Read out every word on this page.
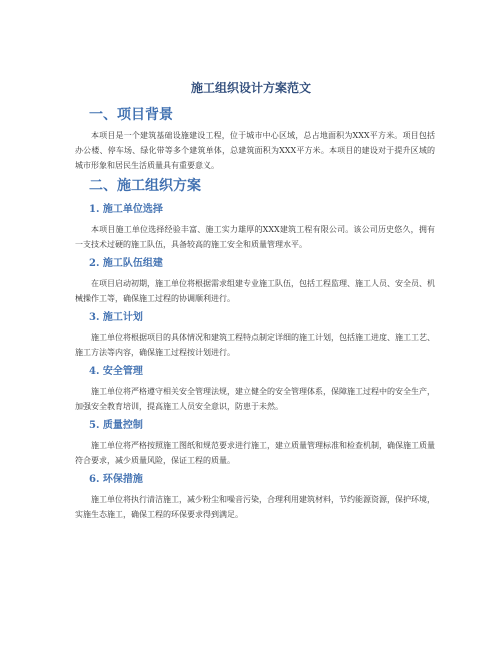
施工组织设计方案范文
一、项目背景

本项目是一个建筑基础设施建设工程，位于城市中心区域，总占地面积为XXX平方米。项目包括办公楼、停车场、绿化带等多个建筑单体，总建筑面积为XXX平方米。本项目的建设对于提升区域的城市形象和居民生活质量具有重要意义。

二、施工组织方案
1. 施工单位选择

本项目施工单位选择经验丰富、施工实力雄厚的XXX建筑工程有限公司。该公司历史悠久，拥有一支技术过硬的施工队伍，具备较高的施工安全和质量管理水平。

2. 施工队伍组建

在项目启动初期，施工单位将根据需求组建专业施工队伍，包括工程监理、施工人员、安全员、机械操作工等，确保施工过程的协调顺利进行。

3. 施工计划

施工单位将根据项目的具体情况和建筑工程特点制定详细的施工计划，包括施工进度、施工工艺、施工方法等内容，确保施工过程按计划进行。

4. 安全管理

施工单位将严格遵守相关安全管理法规，建立健全的安全管理体系，保障施工过程中的安全生产，加强安全教育培训，提高施工人员安全意识，防患于未然。

5. 质量控制

施工单位将严格按照施工图纸和规范要求进行施工，建立质量管理标准和检查机制，确保施工质量符合要求，减少质量风险，保证工程的质量。

6. 环保措施

施工单位将执行清洁施工，减少粉尘和噪音污染，合理利用建筑材料，节约能源资源，保护环境，实施生态施工，确保工程的环保要求得到满足。
